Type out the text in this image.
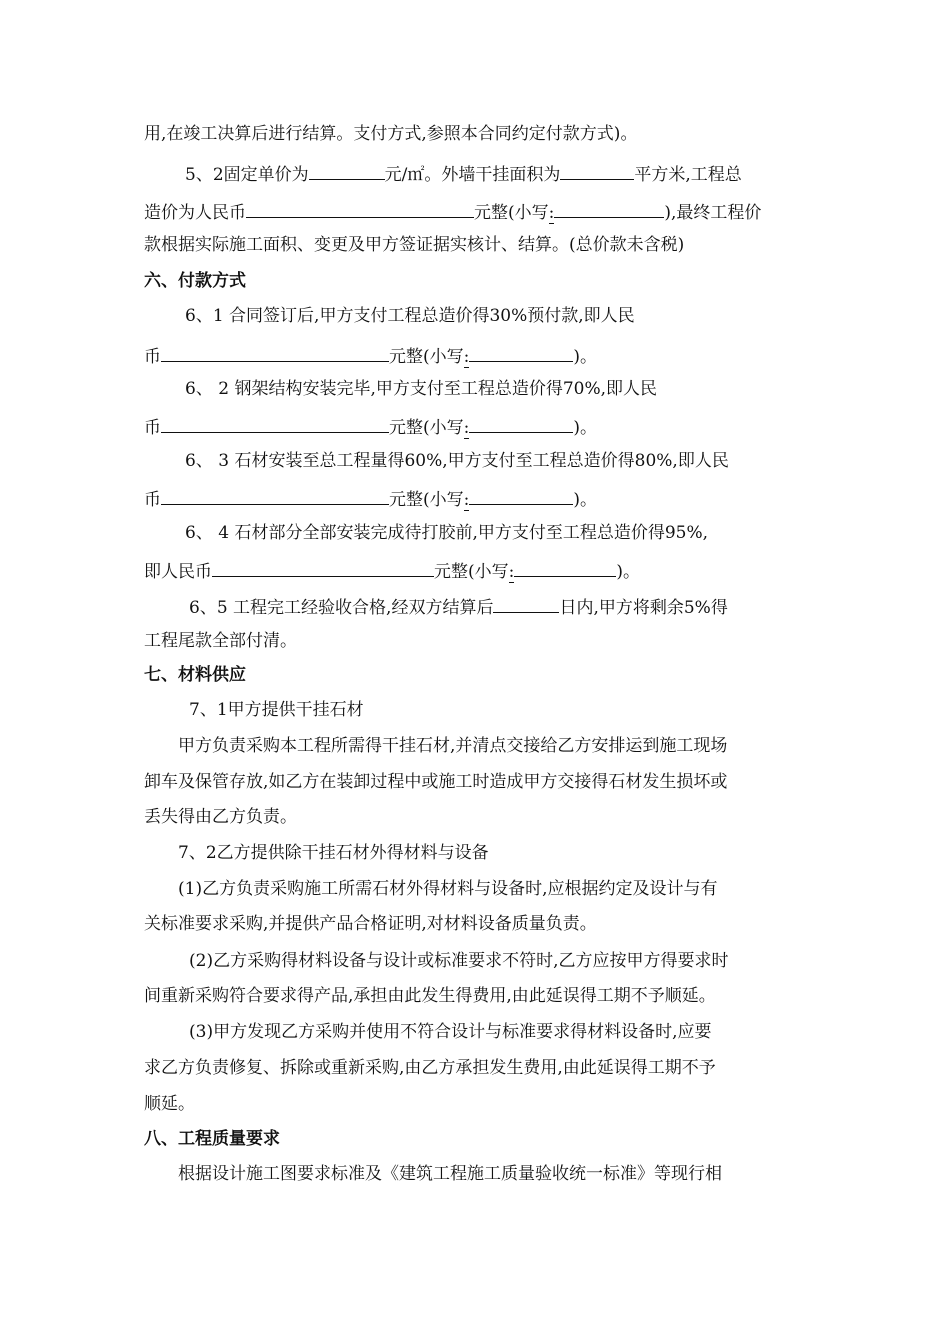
用,在竣工决算后进行结算。支付方式,参照本合同约定付款方式)。
5、2固定单价为	元/㎡。外墙干挂面积为	平方米,工程总
造价为人民币	元整(小写:	),最终工程价
款根据实际施工面积、变更及甲方签证据实核计、结算。(总价款未含税)
六、付款方式
6、1 合同签订后,甲方支付工程总造价得30%预付款,即人民
币	元整(小写:	)。
6、 2 钢架结构安装完毕,甲方支付至工程总造价得70%,即人民
币	元整(小写:	)。
6、 3 石材安装至总工程量得60%,甲方支付至工程总造价得80%,即人民
币	元整(小写:	)。
6、 4 石材部分全部安装完成待打胶前,甲方支付至工程总造价得95%,
即人民币	元整(小写:	)。
6、5 工程完工经验收合格,经双方结算后	日内,甲方将剩余5%得
工程尾款全部付清。
七、材料供应
7、1甲方提供干挂石材
甲方负责采购本工程所需得干挂石材,并清点交接给乙方安排运到施工现场
卸车及保管存放,如乙方在装卸过程中或施工时造成甲方交接得石材发生损坏或
丢失得由乙方负责。
7、2乙方提供除干挂石材外得材料与设备
(1)乙方负责采购施工所需石材外得材料与设备时,应根据约定及设计与有
关标准要求采购,并提供产品合格证明,对材料设备质量负责。
(2)乙方采购得材料设备与设计或标准要求不符时,乙方应按甲方得要求时
间重新采购符合要求得产品,承担由此发生得费用,由此延误得工期不予顺延。
(3)甲方发现乙方采购并使用不符合设计与标准要求得材料设备时,应要
求乙方负责修复、拆除或重新采购,由乙方承担发生费用,由此延误得工期不予
顺延。
八、工程质量要求
根据设计施工图要求标准及《建筑工程施工质量验收统一标准》等现行相
